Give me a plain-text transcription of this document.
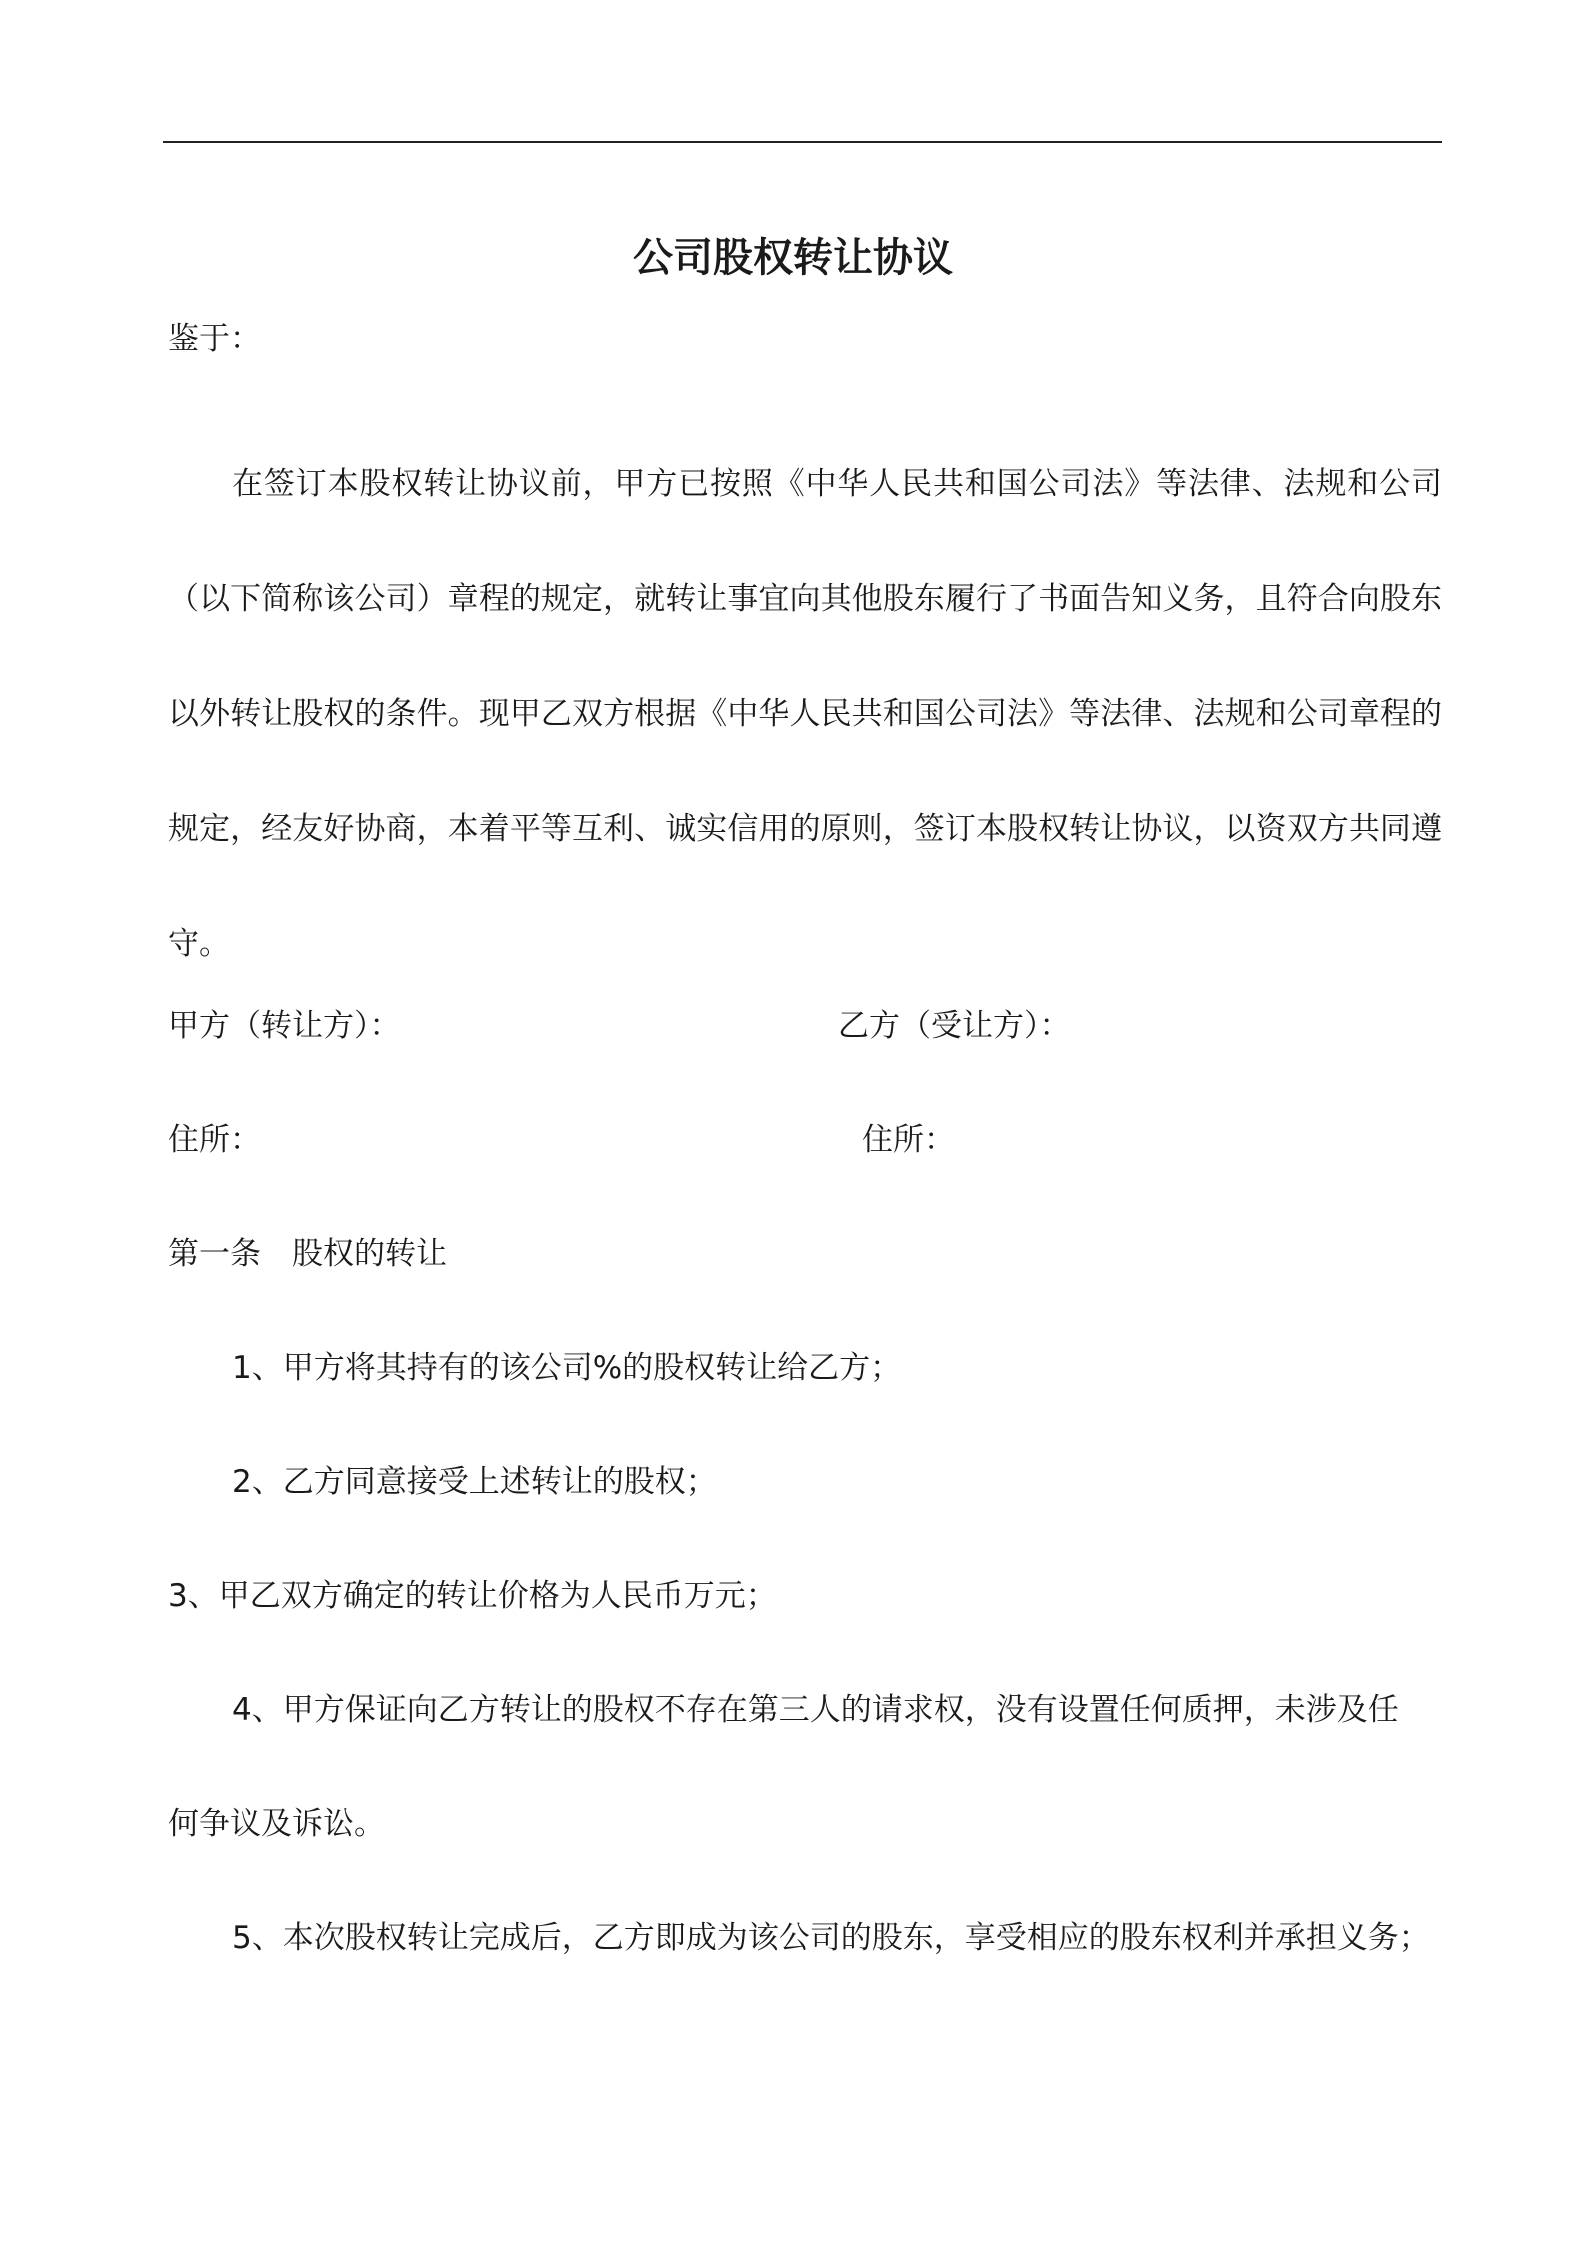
公司股权转让协议

鉴于：

在签订本股权转让协议前，甲方已按照《中华人民共和国公司法》等法律、法规和公司（以下简称该公司）章程的规定，就转让事宜向其他股东履行了书面告知义务，且符合向股东以外转让股权的条件。现甲乙双方根据《中华人民共和国公司法》等法律、法规和公司章程的规定，经友好协商，本着平等互利、诚实信用的原则，签订本股权转让协议，以资双方共同遵守。

甲方（转让方）：	乙方（受让方）：

住所：	住所：

第一条　股权的转让

1、甲方将其持有的该公司%的股权转让给乙方；

2、乙方同意接受上述转让的股权；

3、甲乙双方确定的转让价格为人民币万元；

4、甲方保证向乙方转让的股权不存在第三人的请求权，没有设置任何质押，未涉及任

何争议及诉讼。

5、本次股权转让完成后，乙方即成为该公司的股东，享受相应的股东权利并承担义务；
